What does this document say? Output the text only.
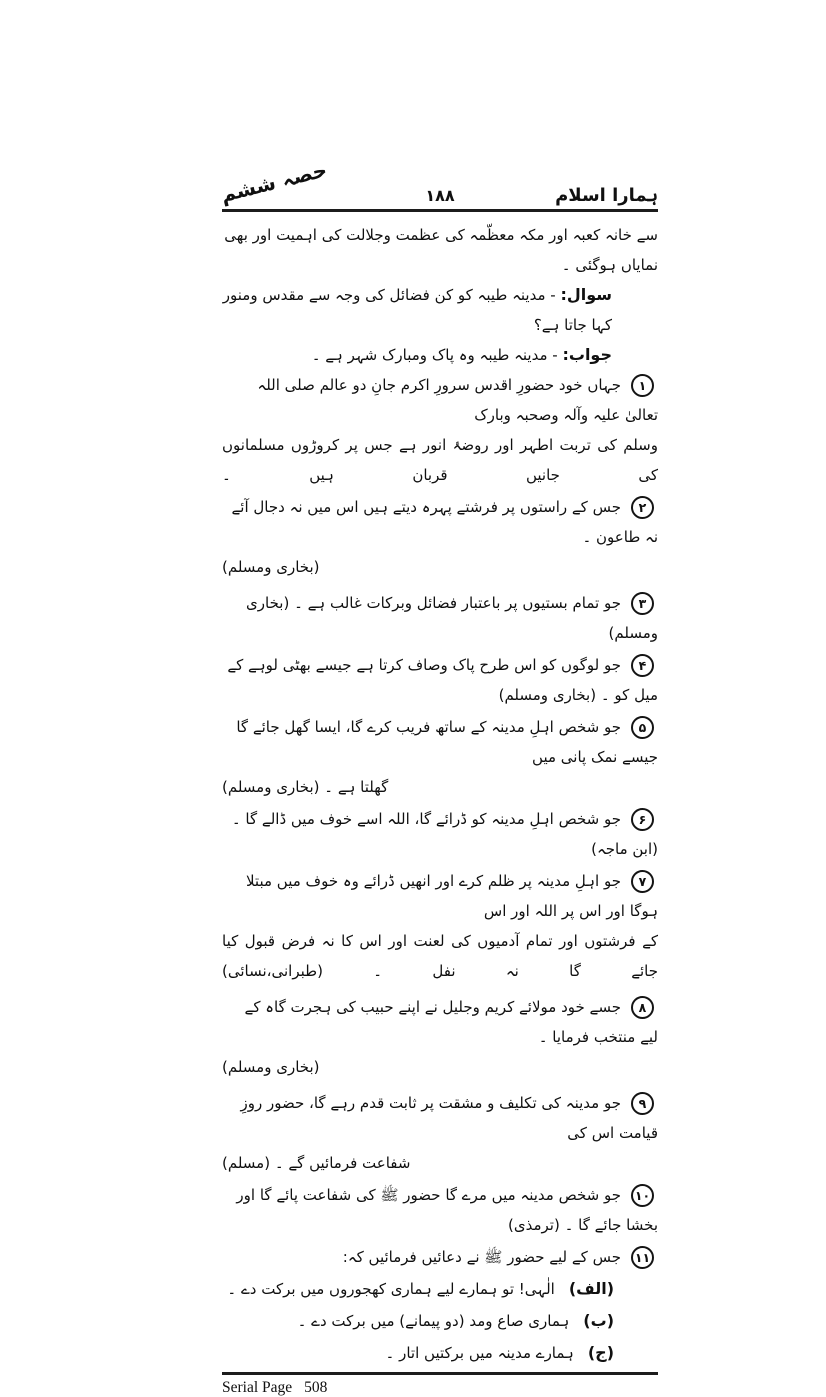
حصہ ششم	۱۸۸	ہمارا اسلام
سے خانہ کعبہ اور مکہ معظّمہ کی عظمت وجلالت کی اہمیت اور بھی نمایاں ہوگئی ۔
سوال: - مدینہ طیبہ کو کن فضائل کی وجہ سے مقدس ومنور کہا جاتا ہے؟
جواب: - مدینہ طیبہ وہ پاک ومبارک شہر ہے ۔
۱
جہاں خود حضورِ اقدس سرورِ اکرم جانِ دو عالم صلی اللہ تعالیٰ علیہ وآلہ وصحبہ وبارک
وسلم کی تربت اطہر اور روضۂ انور ہے جس پر کروڑوں مسلمانوں کی جانیں قربان ہیں ۔
۲
جس کے راستوں پر فرشتے پہرہ دیتے ہیں اس میں نہ دجال آئے نہ طاعون ۔
(بخاری ومسلم)
۳
جو تمام بستیوں پر باعتبار فضائل وبرکات غالب ہے ۔ (بخاری ومسلم)
۴
جو لوگوں کو اس طرح پاک وصاف کرتا ہے جیسے بھٹی لوہے کے میل کو ۔ (بخاری ومسلم)
۵
جو شخص اہلِ مدینہ کے ساتھ فریب کرے گا، ایسا گھل جائے گا جیسے نمک پانی میں
گھلتا ہے ۔ (بخاری ومسلم)
۶
جو شخص اہلِ مدینہ کو ڈرائے گا، اللہ اسے خوف میں ڈالے گا ۔ (ابن ماجہ)
۷
جو اہلِ مدینہ پر ظلم کرے اور انھیں ڈرائے وہ خوف میں مبتلا ہوگا اور اس پر اللہ اور اس
کے فرشتوں اور تمام آدمیوں کی لعنت اور اس کا نہ فرض قبول کیا جائے گا نہ نفل ۔ (طبرانی،نسائی)
۸
جسے خود مولائے کریم وجلیل نے اپنے حبیب کی ہجرت گاہ کے لیے منتخب فرمایا ۔
(بخاری ومسلم)
۹
جو مدینہ کی تکلیف و مشقت پر ثابت قدم رہے گا، حضور روزِ قیامت اس کی
شفاعت فرمائیں گے ۔ (مسلم)
۱۰
جو شخص مدینہ میں مرے گا حضور ﷺ کی شفاعت پائے گا اور بخشا جائے گا ۔ (ترمذی)
۱۱
جس کے لیے حضور ﷺ نے دعائیں فرمائیں کہ:
(الف)
الٰہی! تو ہمارے لیے ہماری کھجوروں میں برکت دے ۔
(ب)
ہماری صاع ومد (دو پیمانے) میں برکت دے ۔
(ج)
ہمارے مدینہ میں برکتیں اتار ۔
Serial Page 508
